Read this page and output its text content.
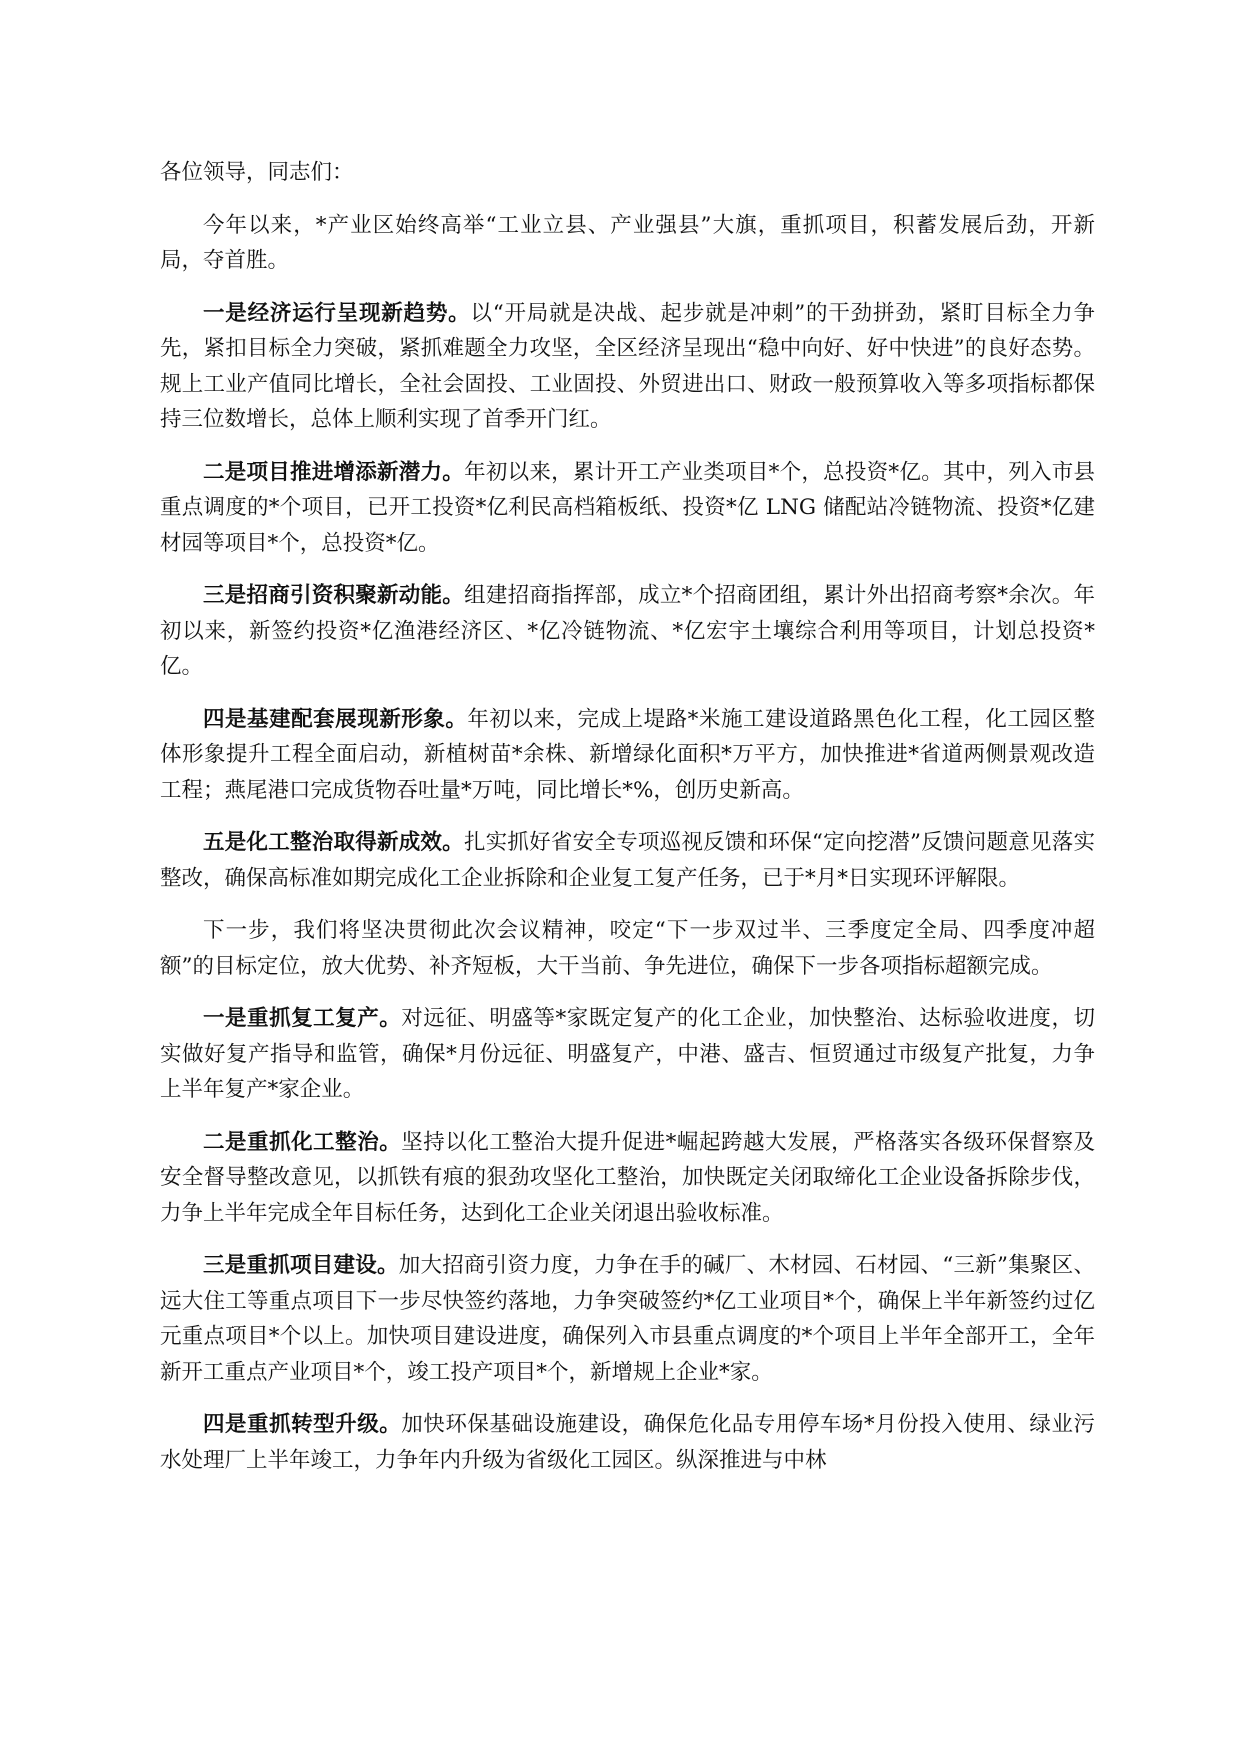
各位领导，同志们：

今年以来，*产业区始终高举“工业立县、产业强县”大旗，重抓项目，积蓄发展后劲，开新局，夺首胜。

一是经济运行呈现新趋势。以“开局就是决战、起步就是冲刺”的干劲拼劲，紧盯目标全力争先，紧扣目标全力突破，紧抓难题全力攻坚，全区经济呈现出“稳中向好、好中快进”的良好态势。规上工业产值同比增长，全社会固投、工业固投、外贸进出口、财政一般预算收入等多项指标都保持三位数增长，总体上顺利实现了首季开门红。

二是项目推进增添新潜力。年初以来，累计开工产业类项目*个，总投资*亿。其中，列入市县重点调度的*个项目，已开工投资*亿利民高档箱板纸、投资*亿 LNG 储配站冷链物流、投资*亿建材园等项目*个，总投资*亿。

三是招商引资积聚新动能。组建招商指挥部，成立*个招商团组，累计外出招商考察*余次。年初以来，新签约投资*亿渔港经济区、*亿冷链物流、*亿宏宇土壤综合利用等项目，计划总投资*亿。

四是基建配套展现新形象。年初以来，完成上堤路*米施工建设道路黑色化工程，化工园区整体形象提升工程全面启动，新植树苗*余株、新增绿化面积*万平方，加快推进*省道两侧景观改造工程；燕尾港口完成货物吞吐量*万吨，同比增长*%，创历史新高。

五是化工整治取得新成效。扎实抓好省安全专项巡视反馈和环保“定向挖潜”反馈问题意见落实整改，确保高标准如期完成化工企业拆除和企业复工复产任务，已于*月*日实现环评解限。

下一步，我们将坚决贯彻此次会议精神，咬定“下一步双过半、三季度定全局、四季度冲超额”的目标定位，放大优势、补齐短板，大干当前、争先进位，确保下一步各项指标超额完成。

一是重抓复工复产。对远征、明盛等*家既定复产的化工企业，加快整治、达标验收进度，切实做好复产指导和监管，确保*月份远征、明盛复产，中港、盛吉、恒贸通过市级复产批复，力争上半年复产*家企业。

二是重抓化工整治。坚持以化工整治大提升促进*崛起跨越大发展，严格落实各级环保督察及安全督导整改意见，以抓铁有痕的狠劲攻坚化工整治，加快既定关闭取缔化工企业设备拆除步伐，力争上半年完成全年目标任务，达到化工企业关闭退出验收标准。

三是重抓项目建设。加大招商引资力度，力争在手的碱厂、木材园、石材园、“三新”集聚区、远大住工等重点项目下一步尽快签约落地，力争突破签约*亿工业项目*个，确保上半年新签约过亿元重点项目*个以上。加快项目建设进度，确保列入市县重点调度的*个项目上半年全部开工，全年新开工重点产业项目*个，竣工投产项目*个，新增规上企业*家。

四是重抓转型升级。加快环保基础设施建设，确保危化品专用停车场*月份投入使用、绿业污水处理厂上半年竣工，力争年内升级为省级化工园区。纵深推进与中林
